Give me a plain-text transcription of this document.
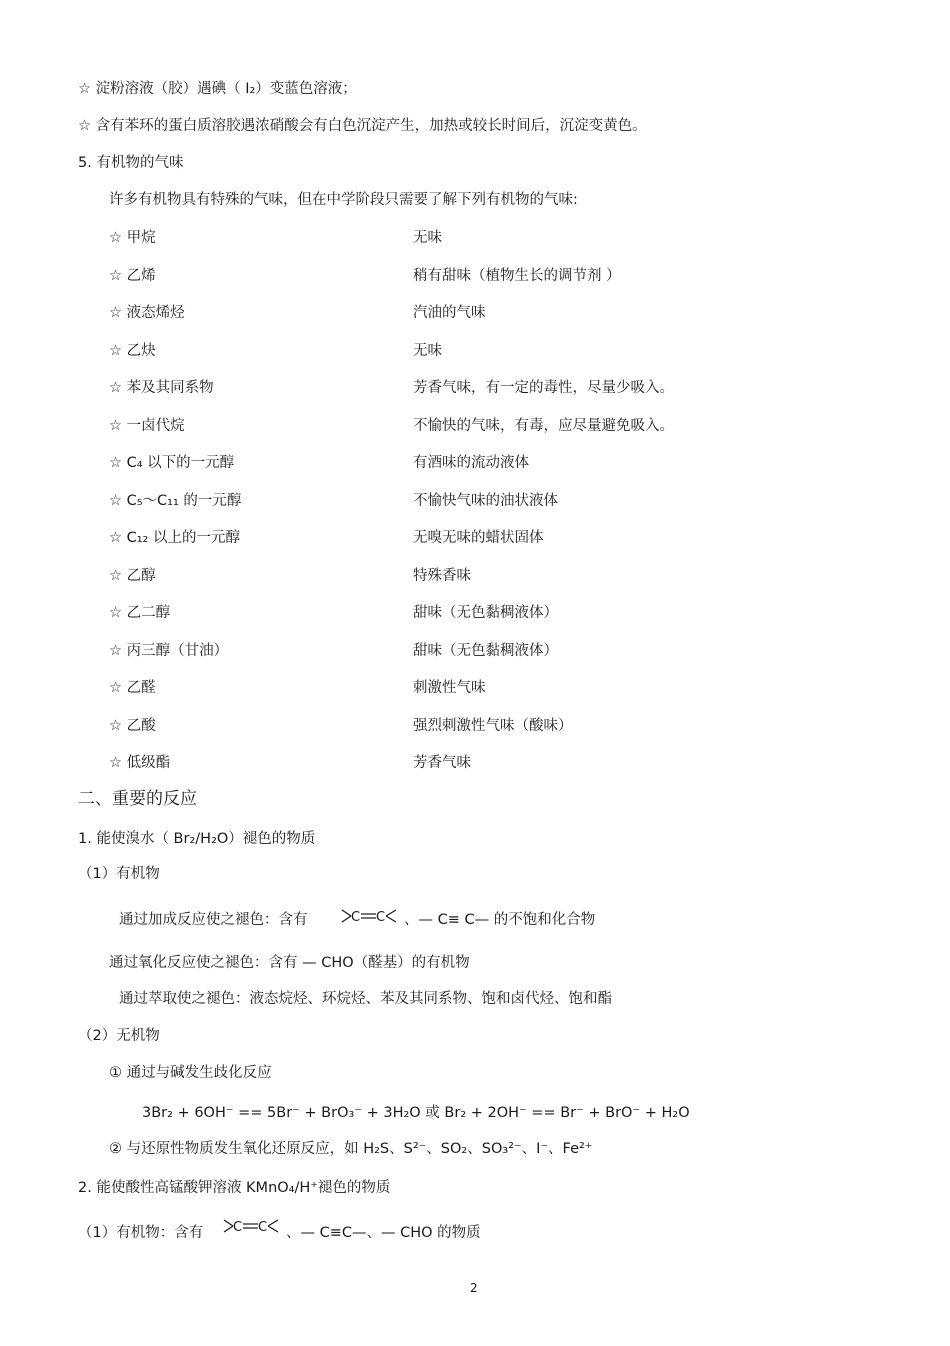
☆ 淀粉溶液（胶）遇碘（ I₂）变蓝色溶液；
☆ 含有苯环的蛋白质溶胶遇浓硝酸会有白色沉淀产生，加热或较长时间后，沉淀变黄色。
5. 有机物的气味
许多有机物具有特殊的气味，但在中学阶段只需要了解下列有机物的气味:
☆ 甲烷	无味
☆ 乙烯	稍有甜味（植物生长的调节剂 ）
☆ 液态烯烃	汽油的气味
☆ 乙炔	无味
☆ 苯及其同系物	芳香气味，有一定的毒性，尽量少吸入。
☆ 一卤代烷	不愉快的气味，有毒，应尽量避免吸入。
☆ C₄ 以下的一元醇	有酒味的流动液体
☆ C₅～C₁₁ 的一元醇	不愉快气味的油状液体
☆ C₁₂ 以上的一元醇	无嗅无味的蜡状固体
☆ 乙醇	特殊香味
☆ 乙二醇	甜味（无色黏稠液体）
☆ 丙三醇（甘油）	甜味（无色黏稠液体）
☆ 乙醛	刺激性气味
☆ 乙酸	强烈刺激性气味（酸味）
☆ 低级酯	芳香气味
二、重要的反应
1. 能使溴水（ Br₂/H₂O）褪色的物质
（1）有机物
通过加成反应使之褪色：含有	C C 、— C≡ C— 的不饱和化合物
通过氧化反应使之褪色：含有 — CHO（醛基）的有机物
通过萃取使之褪色：液态烷烃、环烷烃、苯及其同系物、饱和卤代烃、饱和酯
（2）无机物
① 通过与碱发生歧化反应
3Br₂ + 6OH⁻ == 5Br⁻ + BrO₃⁻ + 3H₂O 或 Br₂ + 2OH⁻ == Br⁻ + BrO⁻ + H₂O
② 与还原性物质发生氧化还原反应，如 H₂S、S²⁻、SO₂、SO₃²⁻、I⁻、Fe²⁺
2. 能使酸性高锰酸钾溶液 KMnO₄/H⁺褪色的物质
（1）有机物：含有 C C 、— C≡C—、— CHO 的物质
2
